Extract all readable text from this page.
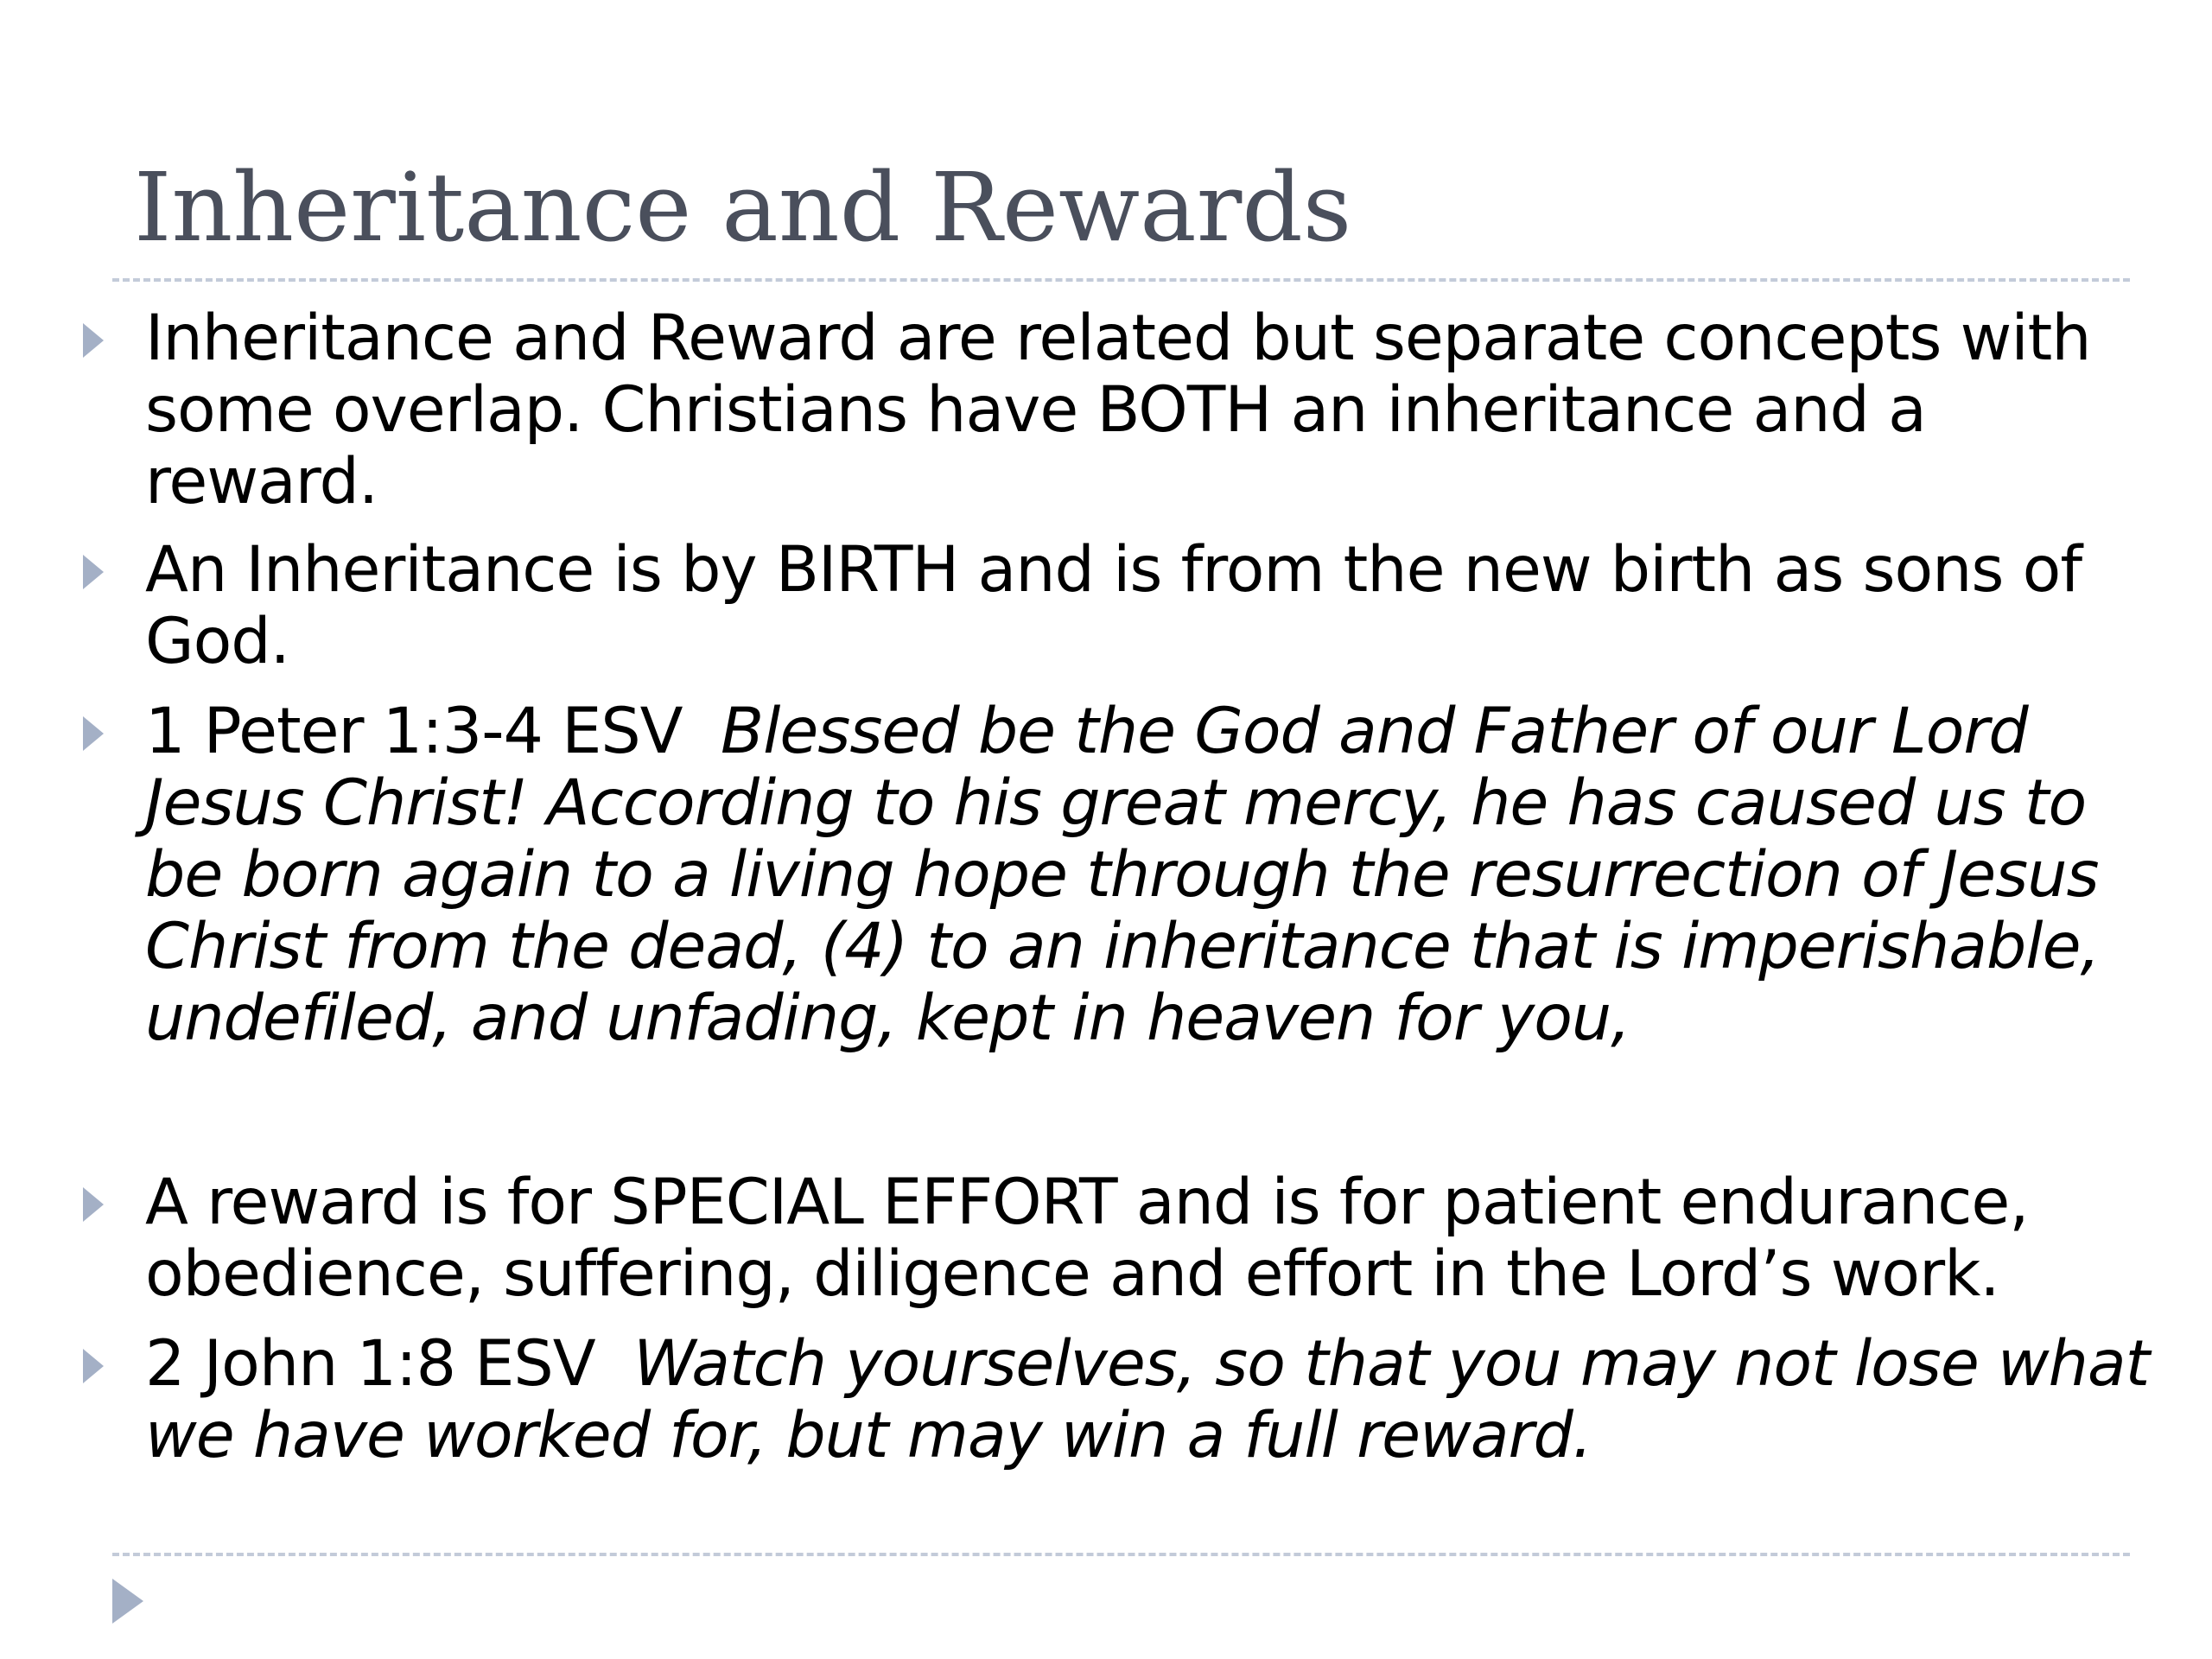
Inheritance and Rewards
Inheritance and Reward are related but separate concepts with some overlap. Christians have BOTH an inheritance and a reward.
An Inheritance is by BIRTH and is from the new birth as sons of God.
1 Peter 1:3-4 ESV Blessed be the God and Father of our Lord Jesus Christ! According to his great mercy, he has caused us to be born again to a living hope through the resurrection of Jesus Christ from the dead, (4) to an inheritance that is imperishable, undefiled, and unfading, kept in heaven for you,
A reward is for SPECIAL EFFORT and is for patient endurance, obedience, suffering, diligence and effort in the Lord’s work.
2 John 1:8 ESV Watch yourselves, so that you may not lose what we have worked for, but may win a full reward.
